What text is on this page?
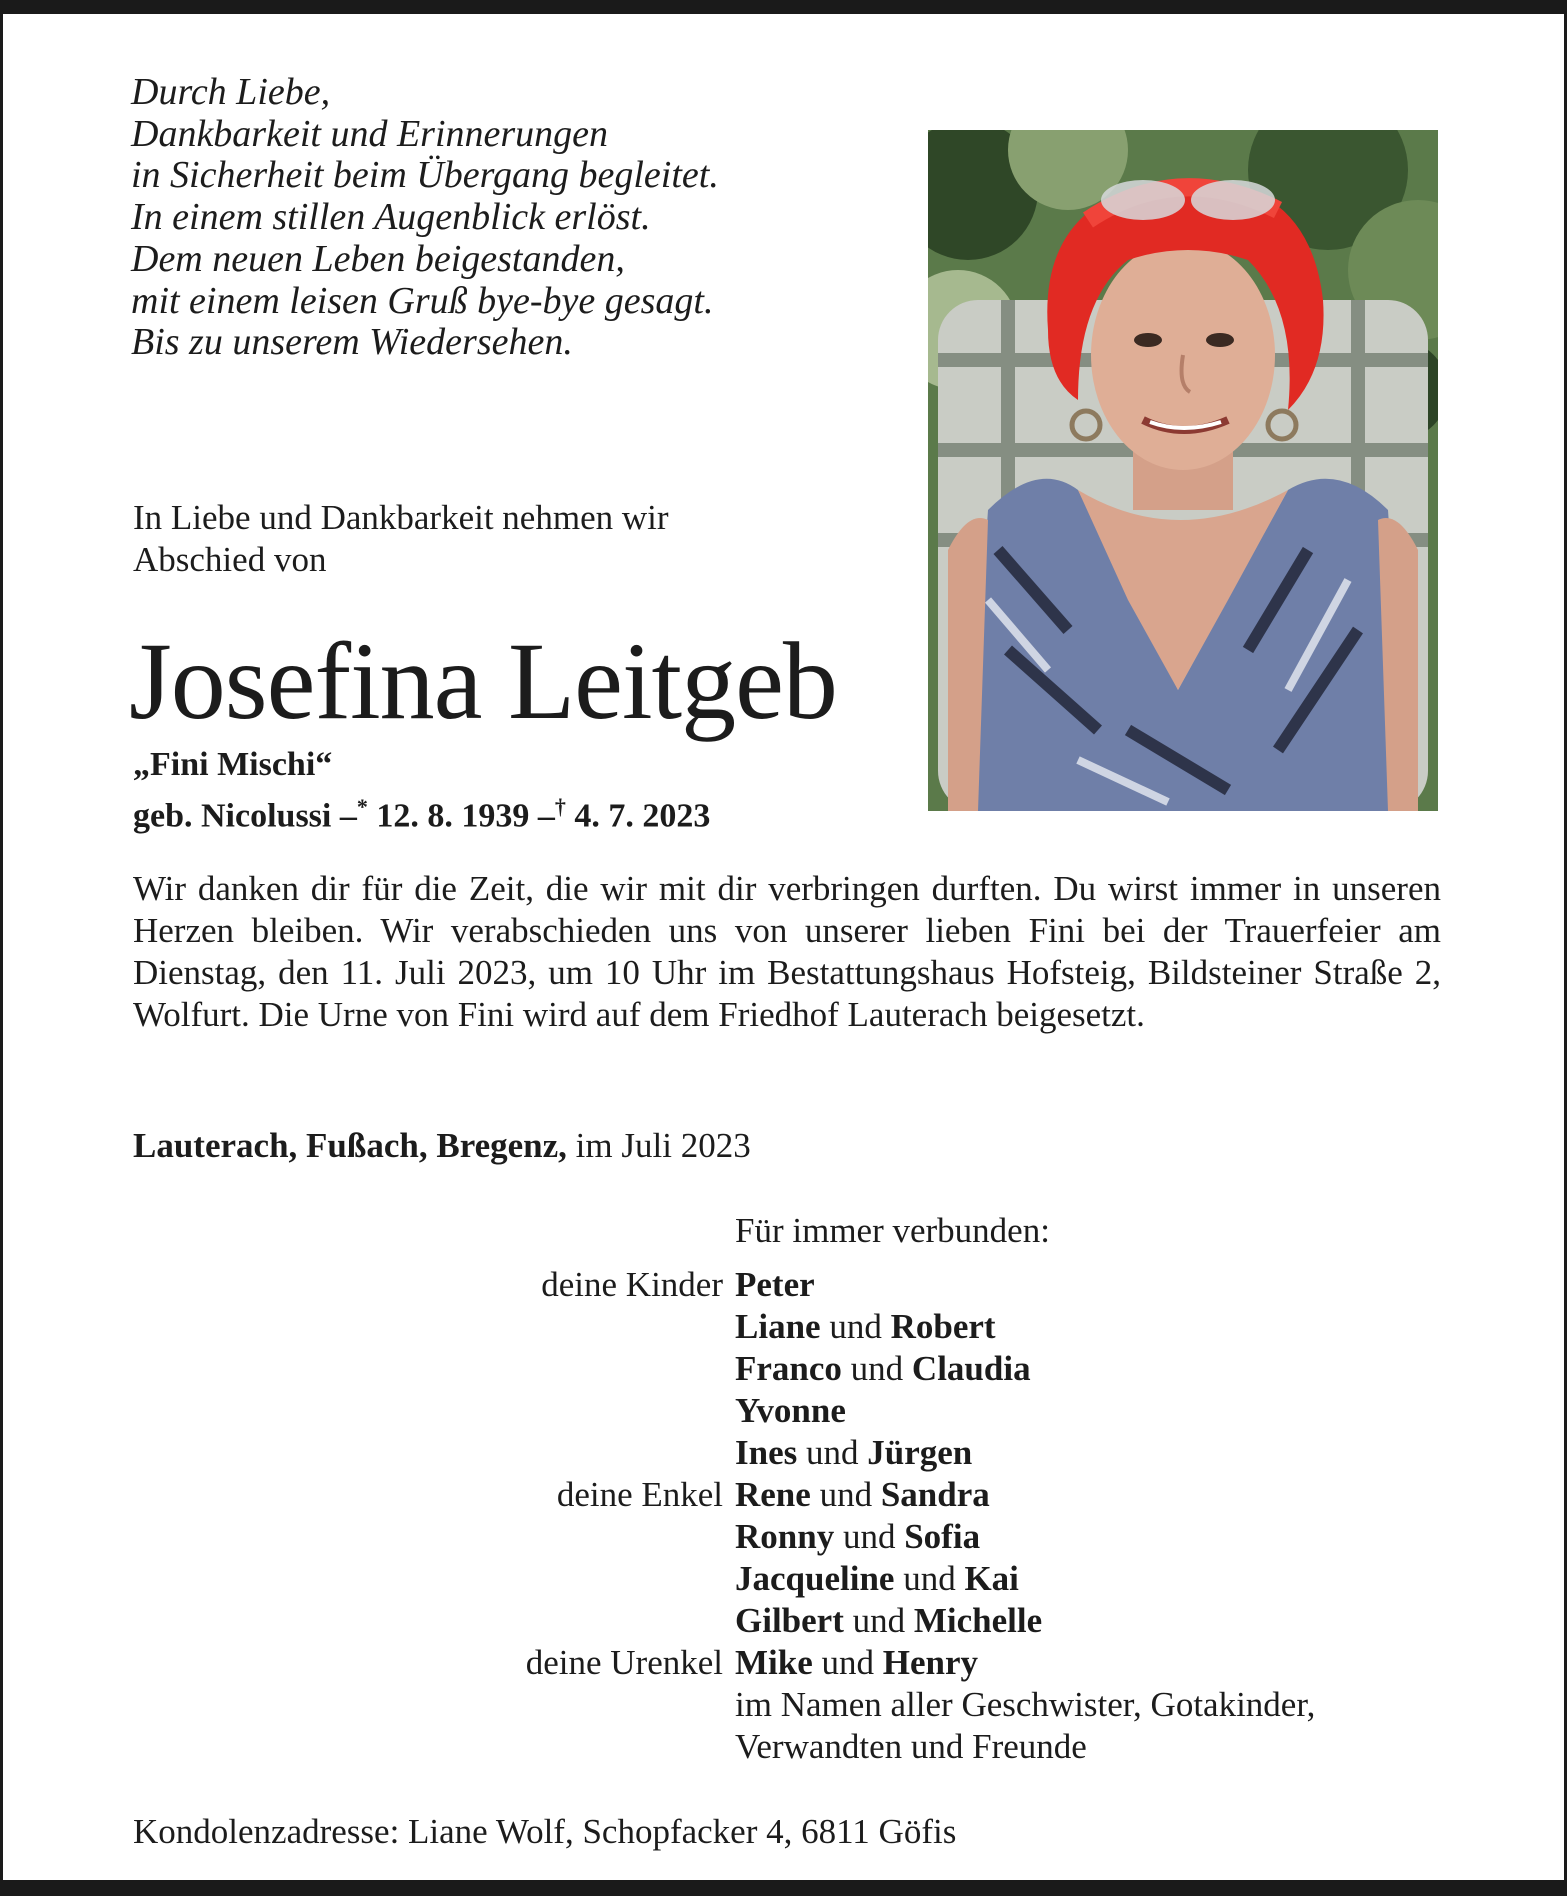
Durch Liebe,
Dankbarkeit und Erinnerungen
in Sicherheit beim Übergang begleitet.
In einem stillen Augenblick erlöst.
Dem neuen Leben beigestanden,
mit einem leisen Gruß bye-bye gesagt.
Bis zu unserem Wiedersehen.
In Liebe und Dankbarkeit nehmen wir
Abschied von
Josefina Leitgeb
„Fini Mischi“
geb. Nicolussi –* 12. 8. 1939 –† 4. 7. 2023
Wir danken dir für die Zeit, die wir mit dir verbringen durften. Du wirst immer in unseren Herzen bleiben. Wir verabschieden uns von unserer lieben Fini bei der Trauerfeier am Dienstag, den 11. Juli 2023, um 10 Uhr im Bestattungshaus Hofsteig, Bildsteiner Straße 2, Wolfurt. Die Urne von Fini wird auf dem Friedhof Lauterach beigesetzt.
Lauterach, Fußach, Bregenz, im Juli 2023
Für immer verbunden:
deine Kinder
deine Enkel
deine Urenkel
Peter
Liane und Robert
Franco und Claudia
Yvonne
Ines und Jürgen
Rene und Sandra
Ronny und Sofia
Jacqueline und Kai
Gilbert und Michelle
Mike und Henry
im Namen aller Geschwister, Gotakinder,
Verwandten und Freunde
Kondolenzadresse: Liane Wolf, Schopfacker 4, 6811 Göfis
